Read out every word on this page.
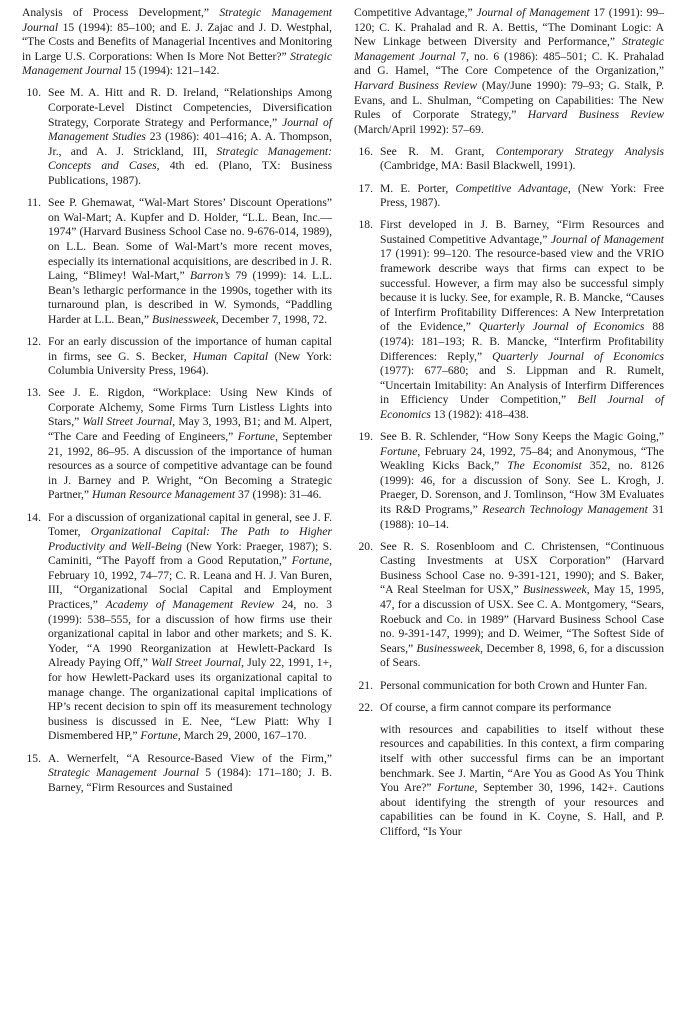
Analysis of Process Development,” Strategic Management Journal 15 (1994): 85–100; and E. J. Zajac and J. D. Westphal, “The Costs and Benefits of Managerial Incentives and Monitoring in Large U.S. Corporations: When Is More Not Better?” Strategic Management Journal 15 (1994): 121–142.
10. See M. A. Hitt and R. D. Ireland, “Relationships Among Corporate-Level Distinct Competencies, Diversification Strategy, Corporate Strategy and Performance,” Journal of Management Studies 23 (1986): 401–416; A. A. Thompson, Jr., and A. J. Strickland, III, Strategic Management: Concepts and Cases, 4th ed. (Plano, TX: Business Publications, 1987).
11. See P. Ghemawat, “Wal-Mart Stores’ Discount Operations” on Wal-Mart; A. Kupfer and D. Holder, “L.L. Bean, Inc.—1974” (Harvard Business School Case no. 9-676-014, 1989), on L.L. Bean. Some of Wal-Mart’s more recent moves, especially its international acquisitions, are described in J. R. Laing, “Blimey! Wal-Mart,” Barron’s 79 (1999): 14. L.L. Bean’s lethargic performance in the 1990s, together with its turnaround plan, is described in W. Symonds, “Paddling Harder at L.L. Bean,” Businessweek, December 7, 1998, 72.
12. For an early discussion of the importance of human capital in firms, see G. S. Becker, Human Capital (New York: Columbia University Press, 1964).
13. See J. E. Rigdon, “Workplace: Using New Kinds of Corporate Alchemy, Some Firms Turn Listless Lights into Stars,” Wall Street Journal, May 3, 1993, B1; and M. Alpert, “The Care and Feeding of Engineers,” Fortune, September 21, 1992, 86–95. A discussion of the importance of human resources as a source of competitive advantage can be found in J. Barney and P. Wright, “On Becoming a Strategic Partner,” Human Resource Management 37 (1998): 31–46.
14. For a discussion of organizational capital in general, see J. F. Tomer, Organizational Capital: The Path to Higher Productivity and Well-Being (New York: Praeger, 1987); S. Caminiti, “The Payoff from a Good Reputation,” Fortune, February 10, 1992, 74–77; C. R. Leana and H. J. Van Buren, III, “Organizational Social Capital and Employment Practices,” Academy of Management Review 24, no. 3 (1999): 538–555, for a discussion of how firms use their organizational capital in labor and other markets; and S. K. Yoder, “A 1990 Reorganization at Hewlett-Packard Is Already Paying Off,” Wall Street Journal, July 22, 1991, 1+, for how Hewlett-Packard uses its organizational capital to manage change. The organizational capital implications of HP’s recent decision to spin off its measurement technology business is discussed in E. Nee, “Lew Piatt: Why I Dismembered HP,” Fortune, March 29, 2000, 167–170.
15. A. Wernerfelt, “A Resource-Based View of the Firm,” Strategic Management Journal 5 (1984): 171–180; J. B. Barney, “Firm Resources and Sustained
Competitive Advantage,” Journal of Management 17 (1991): 99–120; C. K. Prahalad and R. A. Bettis, “The Dominant Logic: A New Linkage between Diversity and Performance,” Strategic Management Journal 7, no. 6 (1986): 485–501; C. K. Prahalad and G. Hamel, “The Core Competence of the Organization,” Harvard Business Review (May/June 1990): 79–93; G. Stalk, P. Evans, and L. Shulman, “Competing on Capabilities: The New Rules of Corporate Strategy,” Harvard Business Review (March/April 1992): 57–69.
16. See R. M. Grant, Contemporary Strategy Analysis (Cambridge, MA: Basil Blackwell, 1991).
17. M. E. Porter, Competitive Advantage, (New York: Free Press, 1987).
18. First developed in J. B. Barney, “Firm Resources and Sustained Competitive Advantage,” Journal of Management 17 (1991): 99–120. The resource-based view and the VRIO framework describe ways that firms can expect to be successful. However, a firm may also be successful simply because it is lucky. See, for example, R. B. Mancke, “Causes of Interfirm Profitability Differences: A New Interpretation of the Evidence,” Quarterly Journal of Economics 88 (1974): 181–193; R. B. Mancke, “Interfirm Profitability Differences: Reply,” Quarterly Journal of Economics (1977): 677–680; and S. Lippman and R. Rumelt, “Uncertain Imitability: An Analysis of Interfirm Differences in Efficiency Under Competition,” Bell Journal of Economics 13 (1982): 418–438.
19. See B. R. Schlender, “How Sony Keeps the Magic Going,” Fortune, February 24, 1992, 75–84; and Anonymous, “The Weakling Kicks Back,” The Economist 352, no. 8126 (1999): 46, for a discussion of Sony. See L. Krogh, J. Praeger, D. Sorenson, and J. Tomlinson, “How 3M Evaluates its R&D Programs,” Research Technology Management 31 (1988): 10–14.
20. See R. S. Rosenbloom and C. Christensen, “Continuous Casting Investments at USX Corporation” (Harvard Business School Case no. 9-391-121, 1990); and S. Baker, “A Real Steelman for USX,” Businessweek, May 15, 1995, 47, for a discussion of USX. See C. A. Montgomery, “Sears, Roebuck and Co. in 1989” (Harvard Business School Case no. 9-391-147, 1999); and D. Weimer, “The Softest Side of Sears,” Businessweek, December 8, 1998, 6, for a discussion of Sears.
21. Personal communication for both Crown and Hunter Fan.
22. Of course, a firm cannot compare its performance
with resources and capabilities to itself without these resources and capabilities. In this context, a firm comparing itself with other successful firms can be an important benchmark. See J. Martin, “Are You as Good As You Think You Are?” Fortune, September 30, 1996, 142+. Cautions about identifying the strength of your resources and capabilities can be found in K. Coyne, S. Hall, and P. Clifford, “Is Your
